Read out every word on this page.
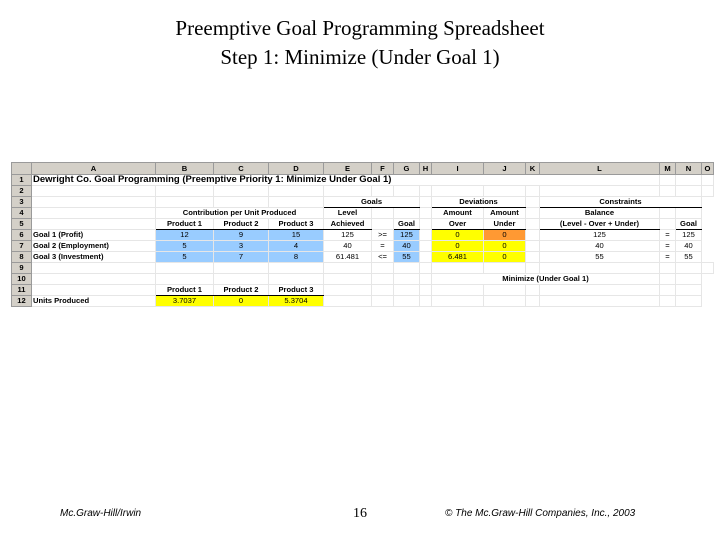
Preemptive Goal Programming Spreadsheet
Step 1: Minimize (Under Goal 1)
	A	B	C	D	E	F	G	H	I	J	K	L	M	N	O
1	Dewright Co. Goal Programming (Preemptive Priority 1: Minimize Under Goal 1)														
2															
3					Goals				Deviations			Constraints			
4		Contribution per Unit Produced			Level				Amount	Amount		Balance			
5		Product 1	Product 2	Product 3	Achieved		Goal		Over	Under		(Level - Over + Under)		Goal	
6	Goal 1 (Profit)	12	9	15	125	>=	125		0	0		125	=	125	
7	Goal 2 (Employment)	5	3	4	40	=	40		0	0		40	=	40	
8	Goal 3 (Investment)	5	7	8	61.481	<=	55		6.481	0		55	=	55	
9															
10									Minimize (Under Goal 1)						
11		Product 1	Product 2	Product 3											
12	Units Produced	3.7037	0	5.3704											
Mc.Graw-Hill/Irwin	16	© The Mc.Graw-Hill Companies, Inc., 2003
